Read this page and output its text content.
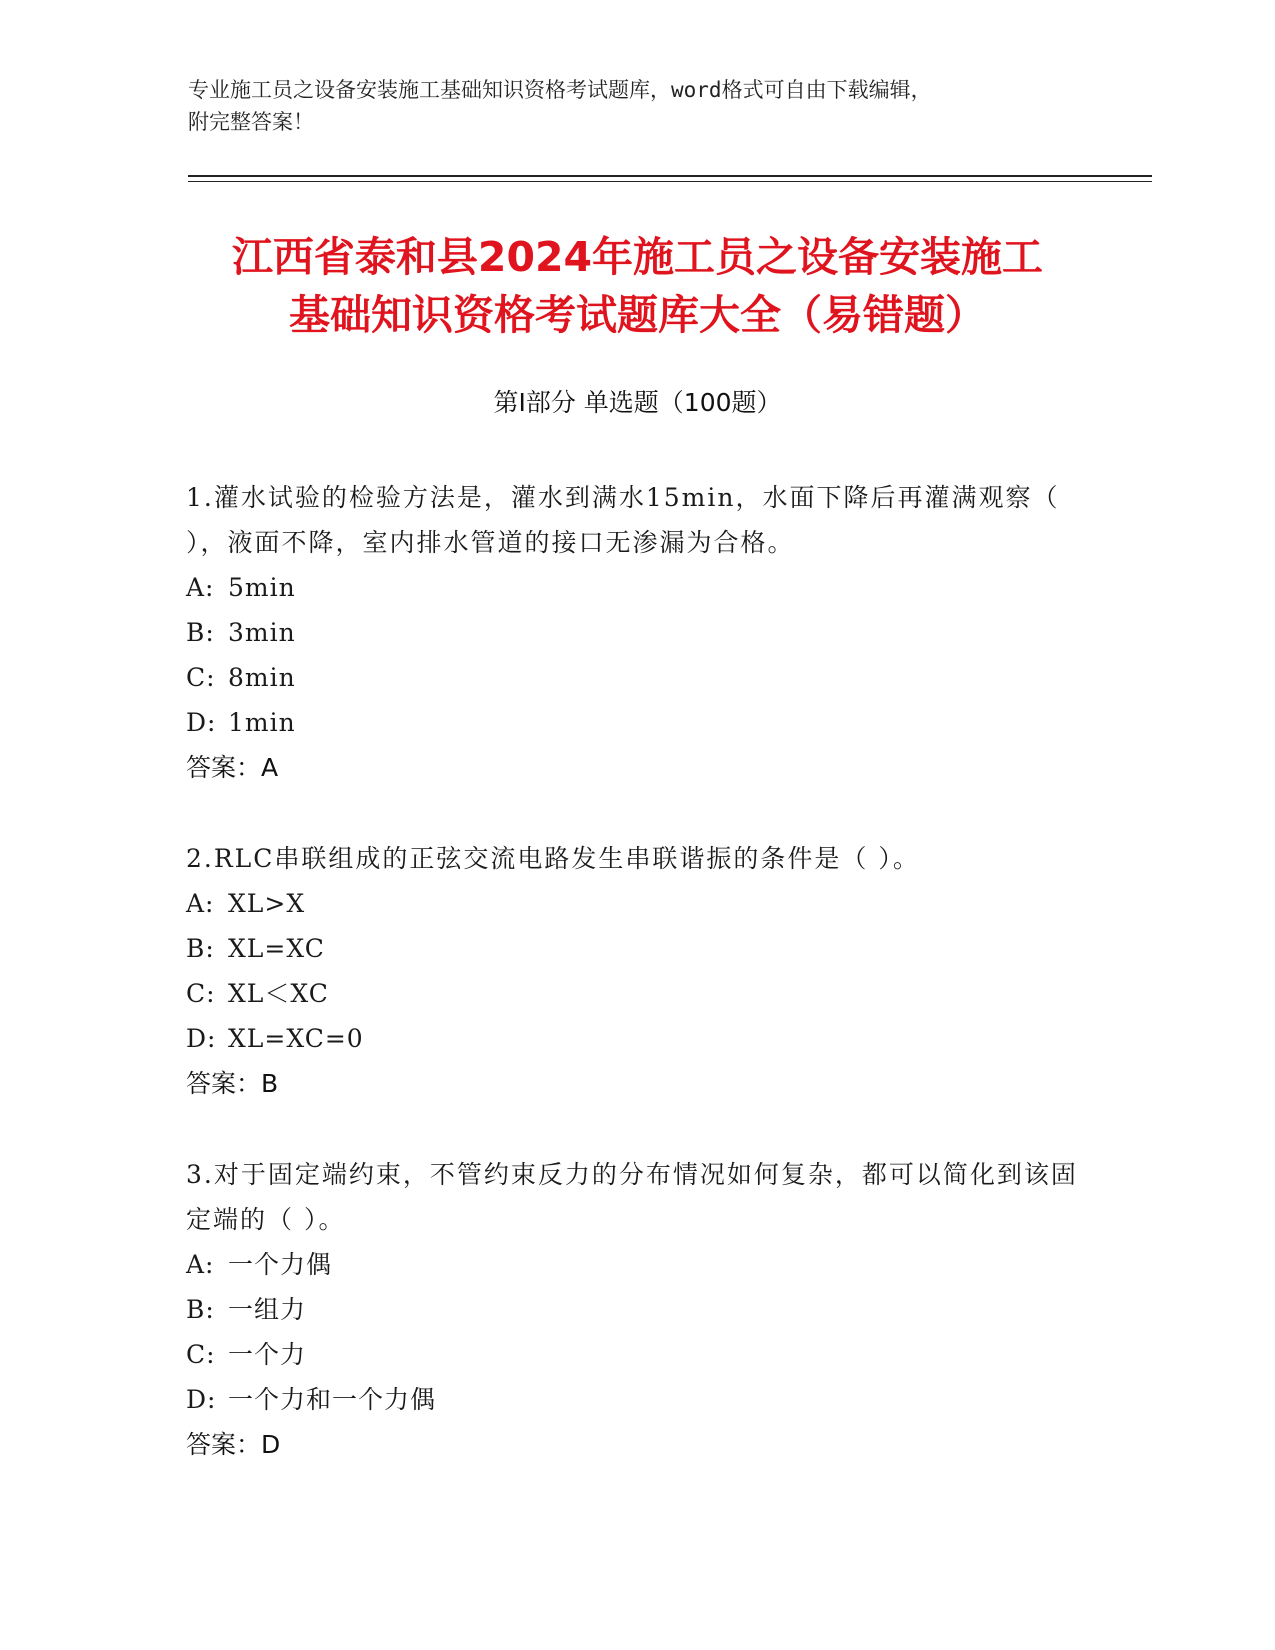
专业施工员之设备安装施工基础知识资格考试题库，word格式可自由下载编辑，
附完整答案！
江西省泰和县2024年施工员之设备安装施工
基础知识资格考试题库大全（易错题）
第Ⅰ部分 单选题（100题）
1.灌水试验的检验方法是，灌水到满水15min，水面下降后再灌满观察（ ），液面不降，室内排水管道的接口无渗漏为合格。
A: 5min
B: 3min
C: 8min
D: 1min
答案：A
2.RLC串联组成的正弦交流电路发生串联谐振的条件是（ ）。
A: XL>X
B: XL=XC
C: XL＜XC
D: XL=XC=0
答案：B
3.对于固定端约束，不管约束反力的分布情况如何复杂，都可以简化到该固定端的（ ）。
A: 一个力偶
B: 一组力
C: 一个力
D: 一个力和一个力偶
答案：D
